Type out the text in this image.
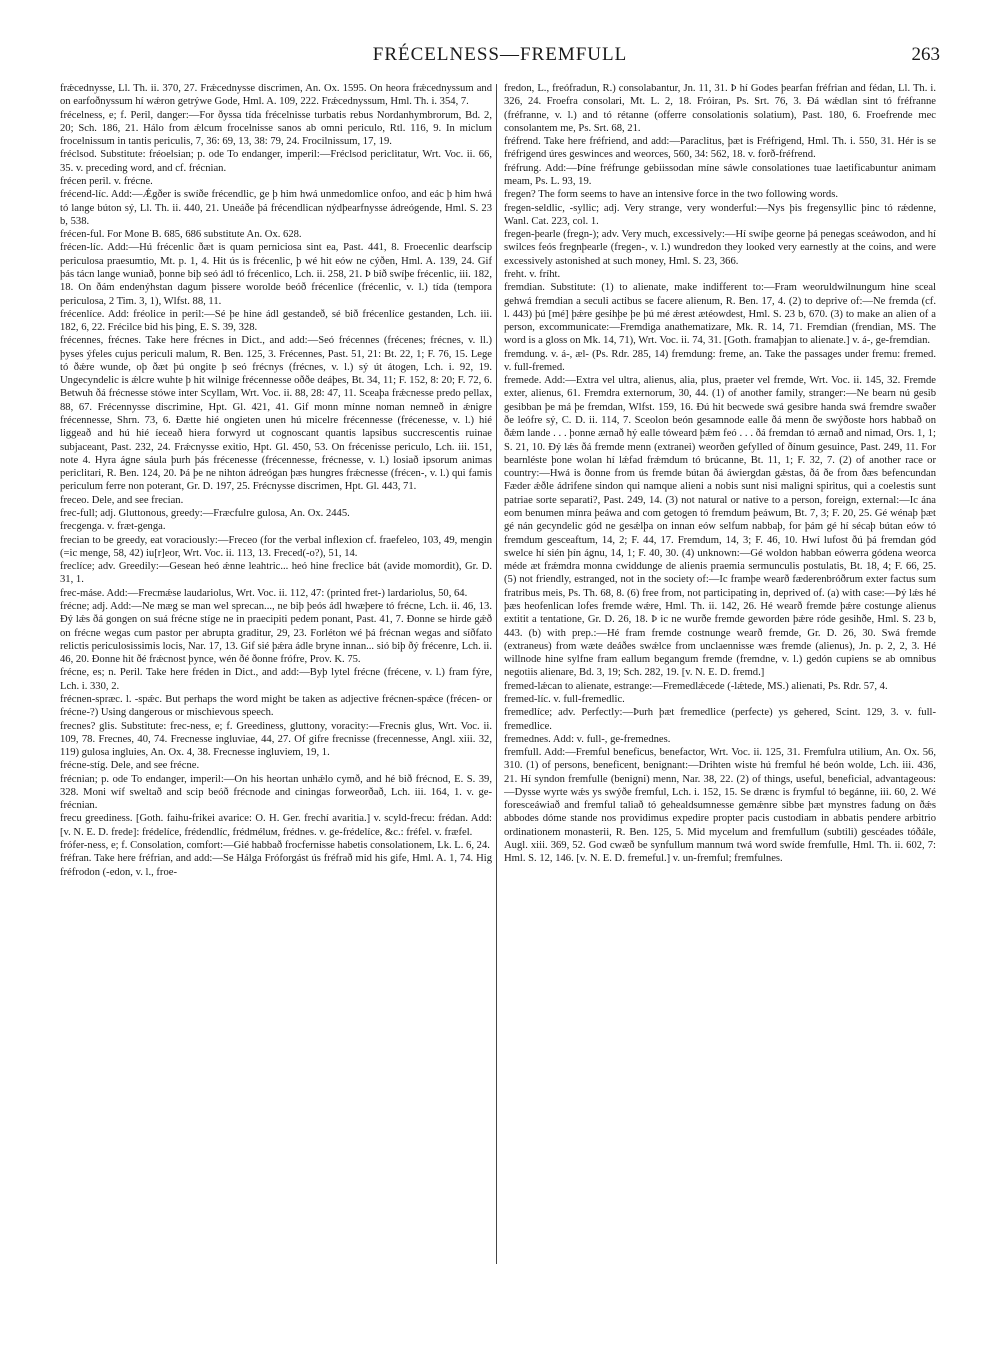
FRÉCELNESS—FREMFULL	263

frǽcednysse, Ll. Th. ii. 370, 27. Frǽcednysse discrimen, An. Ox. 1595. On heora frǽcednyssum and on earfoðnyssum hí wǽron getrýwe Gode, Hml. A. 109, 222. Frǽcednyssum, Hml. Th. i. 354, 7.

frécelness, e; f. Peril, danger:—For ðyssa tída frécelnisse turbatis rebus Nordanhymbrorum, Bd. 2, 20; Sch. 186, 21. Hálo from ǽlcum frocelnisse sanos ab omni periculo, Rtl. 116, 9. In miclum frocelnissum in tantis periculis, 7, 36: 69, 13, 38: 79, 24. Frocilnissum, 17, 19.

fréclsod. Substitute: fréoelsian; p. ode To endanger, imperil:—Fréclsod periclitatur, Wrt. Voc. ii. 66, 35. v. preceding word, and cf. frécnian.

frécen peril. v. frécne.

frécend-líc. Add:—Ǽgðer is swíðe frécendlic, ge þ him hwá unmedomlice onfoo, and eác þ him hwá tó lange búton sý, Ll. Th. ii. 440, 21. Uneáðe þá frécendlican nýdþearfnysse ádreógende, Hml. S. 23 b, 538.

frécen-ful. For Mone B. 685, 686 substitute An. Ox. 628.

frécen-líc. Add:—Hú frécenlic ðæt is quam perniciosa sint ea, Past. 441, 8. Froecenlic dearfscip periculosa praesumtio, Mt. p. 1, 4. Hit ús is frécenlic, þ wé hit eów ne cýðen, Hml. A. 139, 24. Gif þás tácn lange wuniað, þonne biþ seó ádl tó frécenlico, Lch. ii. 258, 21. Þ bið swíþe frécenlic, iii. 182, 18. On ðám endenýhstan dagum þissere worolde beóð frécenlice (frécenlic, v. l.) tída (tempora periculosa, 2 Tim. 3, 1), Wlfst. 88, 11.

frécenlíce. Add: fréolice in peril:—Sé þe hine ádl gestandeð, sé bið frécenlíce gestanden, Lch. iii. 182, 6, 22. Frécilce bid his þing, E. S. 39, 328.

frécennes, frécnes. Take here frécnes in Dict., and add:—Seó frécennes (frécenes; frécnes, v. ll.) þyses ýfeles cujus periculi malum, R. Ben. 125, 3. Frécennes, Past. 51, 21: Bt. 22, 1; F. 76, 15. Lege tó ðǽre wunde, oþ ðæt þú ongite þ seó frécnys (frécnes, v. l.) sý út átogen, Lch. i. 92, 19. Ungecyndelic is ǽlcre wuhte þ hit wilnige frécennesse oððe deáþes, Bt. 34, 11; F. 152, 8: 20; F. 72, 6. Betwuh ðá frécnesse stówe inter Scyllam, Wrt. Voc. ii. 88, 28: 47, 11. Sceaþa frǽcnesse predo pellax, 88, 67. Frécennysse discrimine, Hpt. Gl. 421, 41. Gif monn mínne noman nemneð in ǽnigre frécennesse, Shrn. 73, 6. Ðætte hié ongieten unen hú micelre frécennesse (frécenesse, v. l.) hié liggeað and hú hié íeceað hiera forwyrd ut cognoscant quantis lapsibus succrescentis ruinae subjaceant, Past. 232, 24. Frǽcnysse exitio, Hpt. Gl. 450, 53. On frécenisse periculo, Lch. iii. 151, note 4. Hyra ágne sáula þurh þás frécenesse (frécennesse, frécnesse, v. l.) losiað ipsorum animas periclitari, R. Ben. 124, 20. Þá þe ne nihton ádreógan þæs hungres frǽcnesse (frécen-, v. l.) qui famis periculum ferre non poterant, Gr. D. 197, 25. Frécnysse discrimen, Hpt. Gl. 443, 71.

freceo. Dele, and see frecian.

frec-full; adj. Gluttonous, greedy:—Fræcfulre gulosa, An. Ox. 2445.

frecgenga. v. fræt-genga.

frecian to be greedy, eat voraciously:—Freceo (for the verbal inflexion cf. fraefeleo, 103, 49, mengin (=ic menge, 58, 42) iu[r]eor, Wrt. Voc. ii. 113, 13. Freced(-o?), 51, 14.

freclíce; adv. Greedily:—Gesean heó ǽnne leahtric... heó hine freclice bát (avide momordit), Gr. D. 31, 1.

frec-máse. Add:—Frecmǽse laudariolus, Wrt. Voc. ii. 112, 47: (printed fret-) lardariolus, 50, 64.

frécne; adj. Add:—Ne mæg se man wel sprecan..., ne biþ þeós ádl hwæþere tó frécne, Lch. ii. 46, 13. Ðý lǽs ðá gongen on suá frécne stíge ne in praecipiti pedem ponant, Past. 41, 7. Ðonne se hirde gǽð on frécne wegas cum pastor per abrupta graditur, 29, 23. Forléton wé þá frécnan wegas and síðfato relictis periculosissimis locis, Nar. 17, 13. Gif sié þǽra ádle bryne innan... sió biþ ðý frécenre, Lch. ii. 46, 20. Ðonne hit ðé frǽcnost þynce, wén ðé ðonne frófre, Prov. K. 75.

frécne, es; n. Peril. Take here fréden in Dict., and add:—Byþ lytel frécne (frécene, v. l.) fram fýre, Lch. i. 330, 2.

frécnen-spræc. l. -spǽc. But perhaps the word might be taken as adjective frécnen-spǽce (frécen- or frécne-?) Using dangerous or mischievous speech.

frecnes? glis. Substitute: frec-ness, e; f. Greediness, gluttony, voracity:—Frecnis glus, Wrt. Voc. ii. 109, 78. Frecnes, 40, 74. Frecnesse ingluviae, 44, 27. Of gifre frecnisse (frecennesse, Angl. xiii. 32, 119) gulosa ingluies, An. Ox. 4, 38. Frecnesse ingluviem, 19, 1.

frécne-stíg. Dele, and see frécne.

frécnian; p. ode To endanger, imperil:—On his heortan unhǽlo cymð, and hé bið frécnod, E. S. 39, 328. Moni wíf sweltað and scip beóð frécnode and ciningas forweorðað, Lch. iii. 164, 1. v. ge-frécnian.

frecu greediness. [Goth. faihu-frikei avarice: O. H. Ger. frechí avaritia.] v. scyld-frecu: frédan. Add: [v. N. E. D. frede]: frédelíce, frédendlíc, frédméluм, frédnes. v. ge-frédelíce, &c.: fréfel. v. fræfel.

frófer-ness, e; f. Consolation, comfort:—Gié habbað frocfernisse habetis consolationem, Lk. L. 6, 24.

fréfran. Take here fréfrian, and add:—Se Hálga Fróforgást ús fréfrað mid his gife, Hml. A. 1, 74. Hig fréfrodon (-edon, v. l., froe-

fredon, L., freófradun, R.) consolabantur, Jn. 11, 31. Þ hí Godes þearfan fréfrian and fédan, Ll. Th. i. 326, 24. Froefra consolari, Mt. L. 2, 18. Fróiran, Ps. Srt. 76, 3. Ðá wǽdlan sint tó fréfranne (fréfranne, v. l.) and tó rétanne (offerre consolationis solatium), Past. 180, 6. Froefrende mec consolantem me, Ps. Srt. 68, 21.

fréfrend. Take here fréfriend, and add:—Paraclitus, þæt is Fréfrigend, Hml. Th. i. 550, 31. Hér is se fréfrigend úres geswinces and weorces, 560, 34: 562, 18. v. forð-fréfrend.

fréfrung. Add:—Þíne fréfrunge gebiissodan míne sáwle consolationes tuae laetificabuntur animam meam, Ps. L. 93, 19.

fregen? The form seems to have an intensive force in the two following words.

fregen-seldlic, -syllic; adj. Very strange, very wonderful:—Nys þis fregensyllic þinc tó rǽdenne, Wanl. Cat. 223, col. 1.

fregen-þearle (fregn-); adv. Very much, excessively:—Hí swíþe geornе þá penegas sceáwodon, and hí swilces feós fregnþearle (fregen-, v. l.) wundredon they looked very earnestly at the coins, and were excessively astonished at such money, Hml. S. 23, 366.

freht. v. fríht.

fremdian. Substitute: (1) to alienate, make indifferent to:—Fram weoruldwilnungum hine sceal gehwá fremdian a seculi actibus se facere alienum, R. Ben. 17, 4. (2) to deprive of:—Ne fremda (cf. l. 443) þú [mé] þǽre gesihþe þe þú mé ǽrest ætéowdest, Hml. S. 23 b, 670. (3) to make an alien of a person, excommunicate:—Fremdiga anathematizare, Mk. R. 14, 71. Fremdian (frendian, MS. The word is a gloss on Mk. 14, 71), Wrt. Voc. ii. 74, 31. [Goth. framaþjan to alienate.] v. á-, ge-fremdian.

fremdung. v. á-, æl- (Ps. Rdr. 285, 14) fremdung: freme, an. Take the passages under fremu: fremed. v. full-fremed.

fremede. Add:—Extra vel ultra, alienus, alia, plus, praeter vel fremde, Wrt. Voc. ii. 145, 32. Fremde exter, alienus, 61. Fremdra externorum, 30, 44. (1) of another family, stranger:—Ne bearn nú gesib gesibban þe má þe fremdan, Wlfst. 159, 16. Ðú hit becwede swá gesibre handa swá fremdre swaðer ðe leófre sý, C. D. ii. 114, 7. Sceolon beón gesamnode ealle ðá menn ðe swýðoste hors habbað on ðǽm lande . . . þonne ærnað hý ealle tóweard þǽm feó . . . ðá fremdan tó ærnað and nimad, Ors. 1, 1; S. 21, 10. Ðý lǽs ðá fremde menn (extranei) weorðen gefylled of ðínum gesuince, Past. 249, 11. For bearnléste þone wolan hí lǽfad frǽmdum tó brúcanne, Bt. 11, 1; F. 32, 7. (2) of another race or country:—Hwá is ðonne from ús fremde bútan ðá áwiergdan gǽstas, ðá ðe from ðæs befencundan Fæder ǽðle ádrifene sindon qui namque alieni a nobis sunt nisi maligni spiritus, qui a coelestis sunt patriae sorte separati?, Past. 249, 14. (3) not natural or native to a person, foreign, external:—Ic ána eom benumen mínra þeáwa and com getogen tó fremdum þeáwum, Bt. 7, 3; F. 20, 25. Gé wénaþ þæt gé nán gecyndelic gód ne gesǽlþa on innan eów selfum nabbaþ, for þám gé hí sécaþ bútan eów tó fremdum gesceaftum, 14, 2; F. 44, 17. Fremdum, 14, 3; F. 46, 10. Hwí lufost ðú þá fremdan gód swelce hí sién þín ágnu, 14, 1; F. 40, 30. (4) unknown:—Gé woldon habban eówerra gódena weorca méde æt frǽmdra monna cwiddunge de alienis praemia sermunculis postulatis, Bt. 18, 4; F. 66, 25. (5) not friendly, estranged, not in the society of:—Ic framþe wearð fæderenbróðrum exter factus sum fratribus meis, Ps. Th. 68, 8. (6) free from, not participating in, deprived of. (a) with case:—Þý lǽs hé þæs heofenlican lofes fremde wǽre, Hml. Th. ii. 142, 26. Hé wearð fremde þǽre costunge alienus extitit a tentatione, Gr. D. 26, 18. Þ ic ne wurðe fremde geworden þǽre róde gesihðe, Hml. S. 23 b, 443. (b) with prep.:—Hé fram fremde costnunge wearð fremde, Gr. D. 26, 30. Swá fremde (extraneus) from wæte deáðes swǽlce from unclaennisse wæs fremde (alienus), Jn. p. 2, 2, 3. Hé willnode hine sylfne fram eallum begangum fremde (fremdne, v. l.) gedón cupiens se ab omnibus negotiis alienare, Bd. 3, 19; Sch. 282, 19. [v. N. E. D. fremd.]

fremed-lǽcan to alienate, estrange:—Fremedlǽcede (-lǽtede, MS.) alienati, Ps. Rdr. 57, 4.

fremed-líc. v. full-fremedlic.

fremedlíce; adv. Perfectly:—Þurh þæt fremedlice (perfecte) ys gehered, Scint. 129, 3. v. full-fremedlice.

fremednes. Add: v. full-, ge-fremednes.

fremfull. Add:—Fremful beneficus, benefactor, Wrt. Voc. ii. 125, 31. Fremfulra utilium, An. Ox. 56, 310. (1) of persons, beneficent, benignant:—Drihten wiste hú fremful hé beón wolde, Lch. iii. 436, 21. Hí syndon fremfulle (benigni) menn, Nar. 38, 22. (2) of things, useful, beneficial, advantageous:—Dysse wyrte wǽs ys swýðe fremful, Lch. i. 152, 15. Se drænc is frymful tó begánne, iii. 60, 2. Wé foresceáwiað and fremful taliað tó gehealdsumnesse gemǽnre sibbe þæt mynstres fadung on ðǽs abbodes dóme stande nos providimus expedire propter pacis custodiam in abbatis pendere arbitrio ordinationem monasterii, R. Ben. 125, 5. Mid mycelum and fremfullum (subtili) gescéades tóðále, Augl. xiii. 369, 52. God cwæð be synfullum mannum twá word swíde fremfulle, Hml. Th. ii. 602, 7: Hml. S. 12, 146. [v. N. E. D. fremeful.] v. un-fremful; fremfulnes.
